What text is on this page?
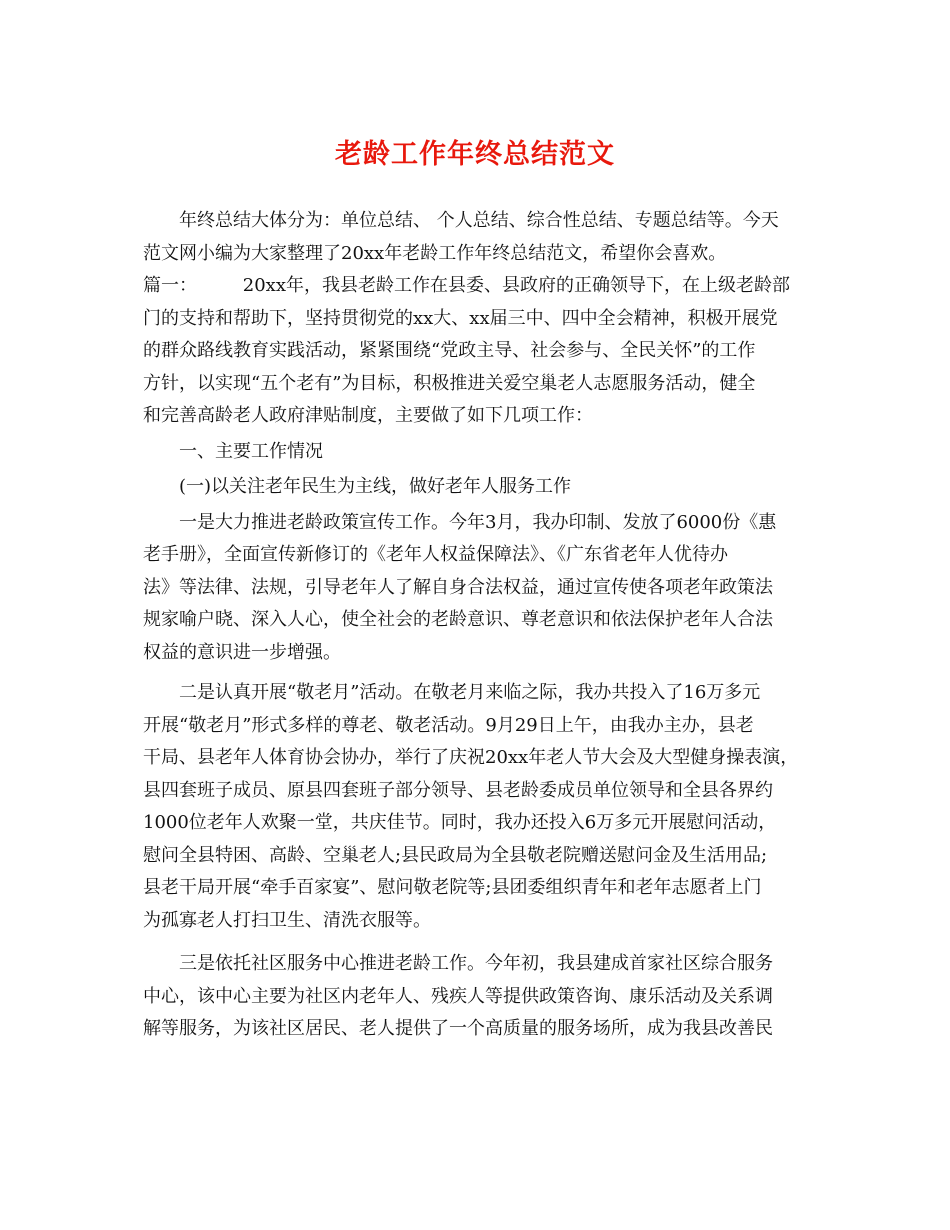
老龄工作年终总结范文
年终总结大体分为：单位总结、 个人总结、综合性总结、专题总结等。今天
范文网小编为大家整理了20xx年老龄工作年终总结范文，希望你会喜欢。
篇一：        20xx年，我县老龄工作在县委、县政府的正确领导下，在上级老龄部
门的支持和帮助下，坚持贯彻党的xx大、xx届三中、四中全会精神，积极开展党
的群众路线教育实践活动，紧紧围绕“党政主导、社会参与、全民关怀”的工作
方针，以实现“五个老有”为目标，积极推进关爱空巢老人志愿服务活动，健全
和完善高龄老人政府津贴制度，主要做了如下几项工作：
一、主要工作情况
(一)以关注老年民生为主线，做好老年人服务工作
一是大力推进老龄政策宣传工作。今年3月，我办印制、发放了6000份《惠
老手册》，全面宣传新修订的《老年人权益保障法》、《广东省老年人优待办
法》等法律、法规，引导老年人了解自身合法权益，通过宣传使各项老年政策法
规家喻户晓、深入人心，使全社会的老龄意识、尊老意识和依法保护老年人合法
权益的意识进一步增强。
二是认真开展“敬老月”活动。在敬老月来临之际，我办共投入了16万多元
开展“敬老月”形式多样的尊老、敬老活动。9月29日上午，由我办主办，县老
干局、县老年人体育协会协办，举行了庆祝20xx年老人节大会及大型健身操表演，
县四套班子成员、原县四套班子部分领导、县老龄委成员单位领导和全县各界约
1000位老年人欢聚一堂，共庆佳节。同时，我办还投入6万多元开展慰问活动，
慰问全县特困、高龄、空巢老人;县民政局为全县敬老院赠送慰问金及生活用品;
县老干局开展“牵手百家宴”、慰问敬老院等;县团委组织青年和老年志愿者上门
为孤寡老人打扫卫生、清洗衣服等。
三是依托社区服务中心推进老龄工作。今年初，我县建成首家社区综合服务
中心，该中心主要为社区内老年人、残疾人等提供政策咨询、康乐活动及关系调
解等服务，为该社区居民、老人提供了一个高质量的服务场所，成为我县改善民
